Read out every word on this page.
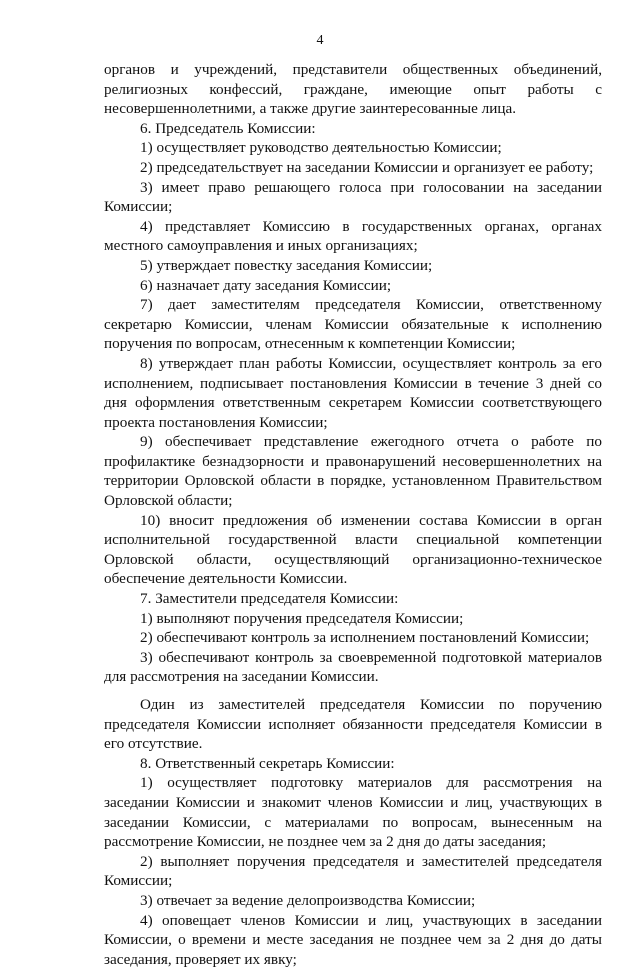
4

органов и учреждений, представители общественных объединений, религиозных конфессий, граждане, имеющие опыт работы с несовершеннолетними, а также другие заинтересованные лица.

6. Председатель Комиссии:

1) осуществляет руководство деятельностью Комиссии;

2) председательствует на заседании Комиссии и организует ее работу;

3) имеет право решающего голоса при голосовании на заседании Комиссии;

4) представляет Комиссию в государственных органах, органах местного самоуправления и иных организациях;

5) утверждает повестку заседания Комиссии;

6) назначает дату заседания Комиссии;

7) дает заместителям председателя Комиссии, ответственному секретарю Комиссии, членам Комиссии обязательные к исполнению поручения по вопросам, отнесенным к компетенции Комиссии;

8) утверждает план работы Комиссии, осуществляет контроль за его исполнением, подписывает постановления Комиссии в течение 3 дней со дня оформления ответственным секретарем Комиссии соответствующего проекта постановления Комиссии;

9) обеспечивает представление ежегодного отчета о работе по профилактике безнадзорности и правонарушений несовершеннолетних на территории Орловской области в порядке, установленном Правительством Орловской области;

10) вносит предложения об изменении состава Комиссии в орган исполнительной государственной власти специальной компетенции Орловской области, осуществляющий организационно-техническое обеспечение деятельности Комиссии.

7. Заместители председателя Комиссии:

1) выполняют поручения председателя Комиссии;

2) обеспечивают контроль за исполнением постановлений Комиссии;

3) обеспечивают контроль за своевременной подготовкой материалов для рассмотрения на заседании Комиссии.

Один из заместителей председателя Комиссии по поручению председателя Комиссии исполняет обязанности председателя Комиссии в его отсутствие.

8. Ответственный секретарь Комиссии:

1) осуществляет подготовку материалов для рассмотрения на заседании Комиссии и знакомит членов Комиссии и лиц, участвующих в заседании Комиссии, с материалами по вопросам, вынесенным на рассмотрение Комиссии, не позднее чем за 2 дня до даты заседания;

2) выполняет поручения председателя и заместителей председателя Комиссии;

3) отвечает за ведение делопроизводства Комиссии;

4) оповещает членов Комиссии и лиц, участвующих в заседании Комиссии, о времени и месте заседания не позднее чем за 2 дня до даты заседания, проверяет их явку;
